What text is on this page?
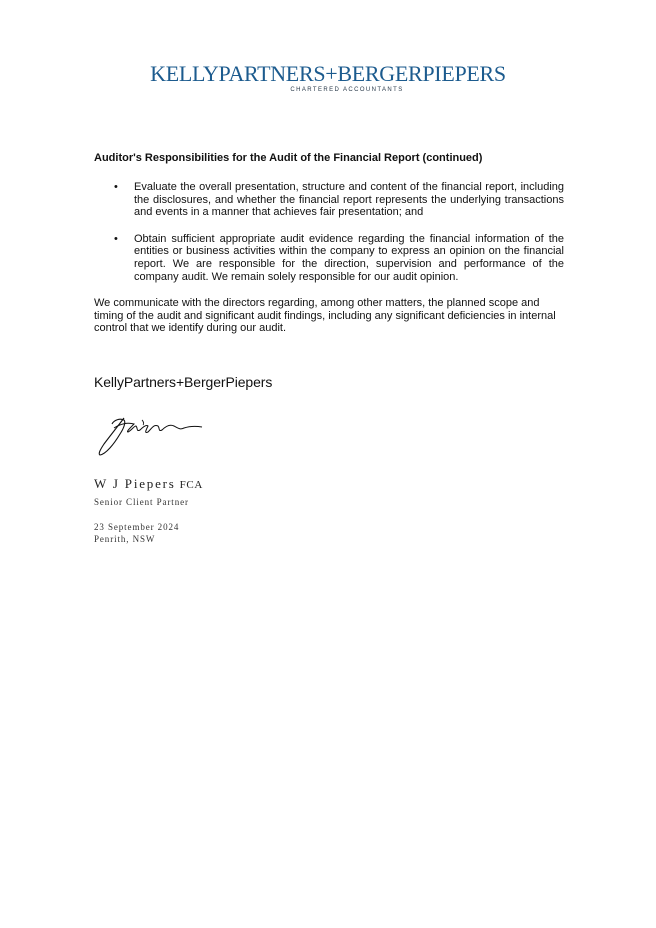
KELLYPARTNERS+BERGERPIEPERS
CHARTERED ACCOUNTANTS

Auditor's Responsibilities for the Audit of the Financial Report (continued)

• Evaluate the overall presentation, structure and content of the financial report, including the disclosures, and whether the financial report represents the underlying transactions and events in a manner that achieves fair presentation; and
• Obtain sufficient appropriate audit evidence regarding the financial information of the entities or business activities within the company to express an opinion on the financial report. We are responsible for the direction, supervision and performance of the company audit. We remain solely responsible for our audit opinion.

We communicate with the directors regarding, among other matters, the planned scope and timing of the audit and significant audit findings, including any significant deficiencies in internal control that we identify during our audit.

KellyPartners+BergerPiepers
W J Piepers FCA
Senior Client Partner
23 September 2024
Penrith, NSW
